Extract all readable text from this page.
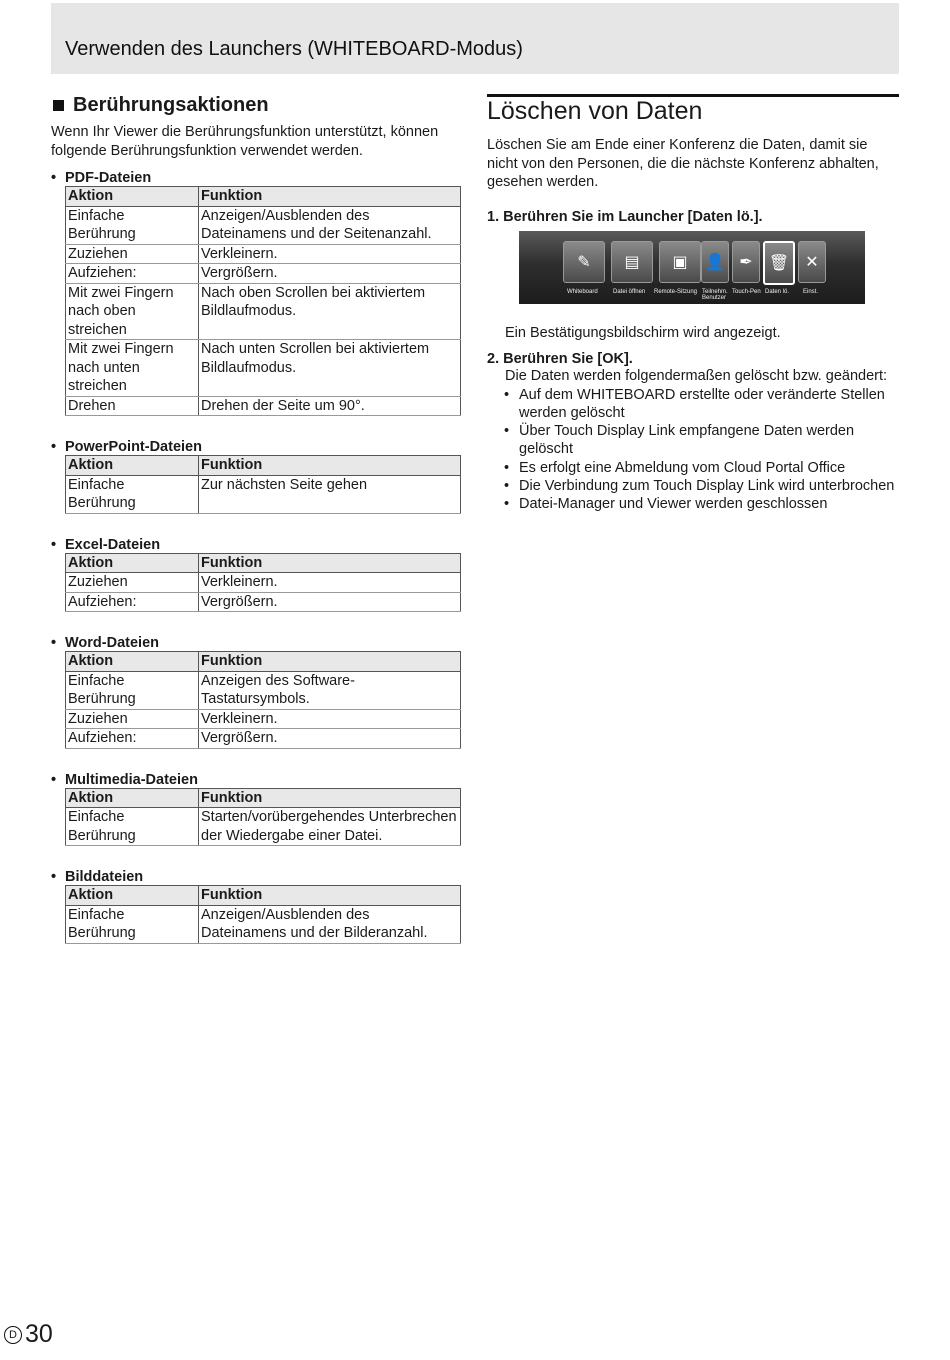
Verwenden des Launchers (WHITEBOARD-Modus)
Berührungsaktionen

Wenn Ihr Viewer die Berührungsfunktion unterstützt, können folgende Berührungsfunktion verwendet werden.

• PDF-Dateien

Aktion	Funktion
Einfache Berührung	Anzeigen/Ausblenden des Dateinamens und der Seitenanzahl.
Zuziehen	Verkleinern.
Aufziehen:	Vergrößern.
Mit zwei Fingern nach oben streichen	Nach oben Scrollen bei aktiviertem Bildlaufmodus.
Mit zwei Fingern nach unten streichen	Nach unten Scrollen bei aktiviertem Bildlaufmodus.
Drehen	Drehen der Seite um 90°.

• PowerPoint-Dateien

Aktion	Funktion
Einfache Berührung	Zur nächsten Seite gehen

• Excel-Dateien

Aktion	Funktion
Zuziehen	Verkleinern.
Aufziehen:	Vergrößern.

• Word-Dateien

Aktion	Funktion
Einfache Berührung	Anzeigen des Software-Tastatursymbols.
Zuziehen	Verkleinern.
Aufziehen:	Vergrößern.

• Multimedia-Dateien

Aktion	Funktion
Einfache Berührung	Starten/vorübergehendes Unterbrechen der Wiedergabe einer Datei.

• Bilddateien

Aktion	Funktion
Einfache Berührung	Anzeigen/Ausblenden des Dateinamens und der Bilderanzahl.
Löschen von Daten

Löschen Sie am Ende einer Konferenz die Daten, damit sie nicht von den Personen, die die nächste Konferenz abhalten, gesehen werden.

1. Berühren Sie im Launcher [Daten lö.].

✎	▤	▣	👤 ✒	🗑	✕
Whiteboard	Datei öffnen Remote-Sitzung Teilnehm. Benutzer
Touch-Pen Daten lö. Einst.

Ein Bestätigungsbildschirm wird angezeigt.

2. Berühren Sie [OK].

Die Daten werden folgendermaßen gelöscht bzw. geändert:

• Auf dem WHITEBOARD erstellte oder veränderte Stellen werden gelöscht
• Über Touch Display Link empfangene Daten werden gelöscht
• Es erfolgt eine Abmeldung vom Cloud Portal Office
• Die Verbindung zum Touch Display Link wird unterbrochen
• Datei-Manager und Viewer werden geschlossen
D 30
